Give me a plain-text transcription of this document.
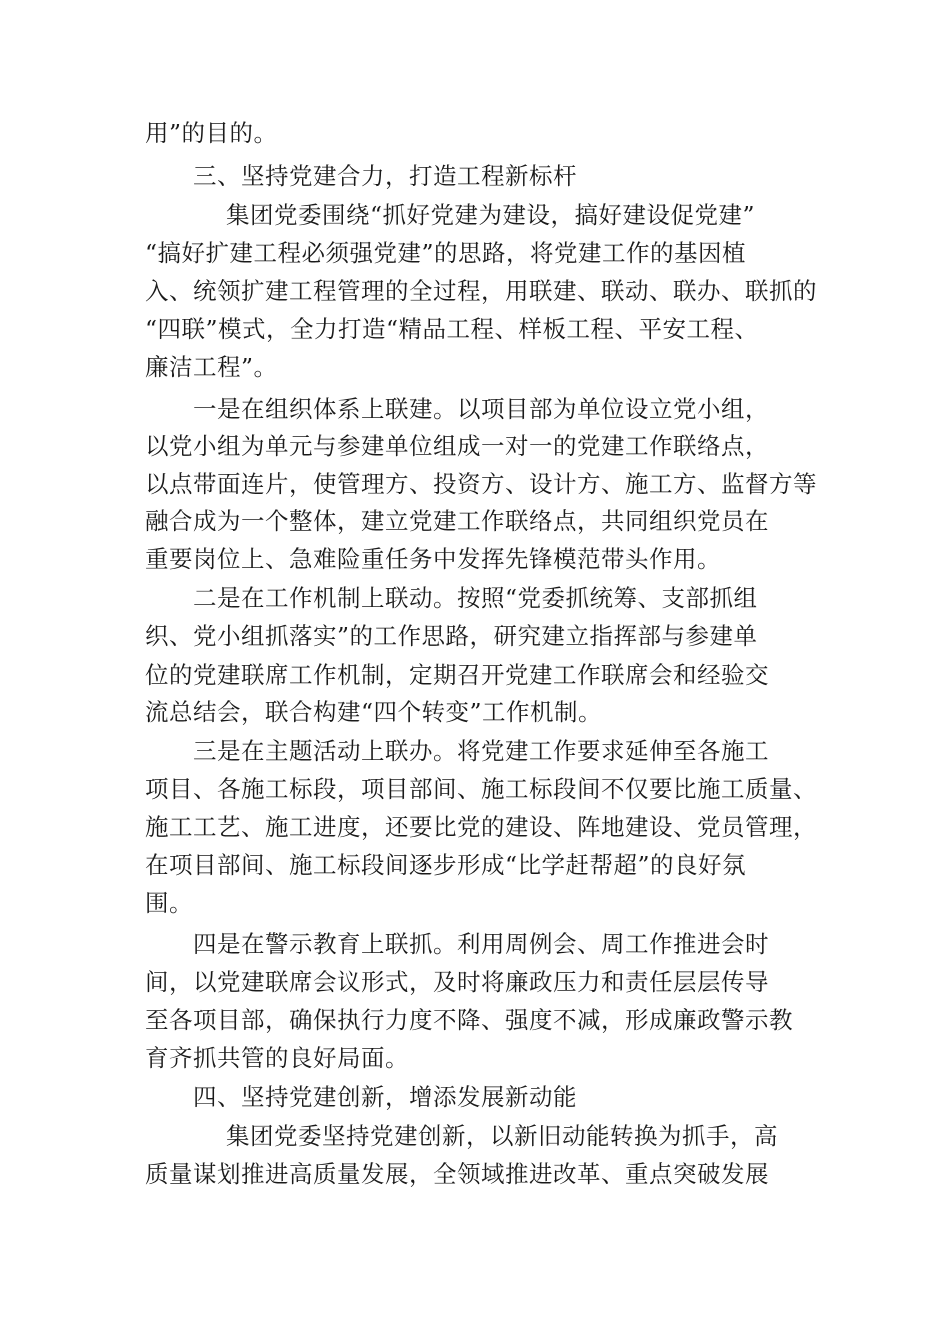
用”的目的。
三、坚持党建合力，打造工程新标杆
集团党委围绕“抓好党建为建设，搞好建设促党建”
“搞好扩建工程必须强党建”的思路，将党建工作的基因植
入、统领扩建工程管理的全过程，用联建、联动、联办、联抓的
“四联”模式，全力打造“精品工程、样板工程、平安工程、
廉洁工程”。
一是在组织体系上联建。以项目部为单位设立党小组，
以党小组为单元与参建单位组成一对一的党建工作联络点，
以点带面连片，使管理方、投资方、设计方、施工方、监督方等
融合成为一个整体，建立党建工作联络点，共同组织党员在
重要岗位上、急难险重任务中发挥先锋模范带头作用。
二是在工作机制上联动。按照“党委抓统筹、支部抓组
织、党小组抓落实”的工作思路，研究建立指挥部与参建单
位的党建联席工作机制，定期召开党建工作联席会和经验交
流总结会，联合构建“四个转变”工作机制。
三是在主题活动上联办。将党建工作要求延伸至各施工
项目、各施工标段，项目部间、施工标段间不仅要比施工质量、
施工工艺、施工进度，还要比党的建设、阵地建设、党员管理，
在项目部间、施工标段间逐步形成“比学赶帮超”的良好氛
围。
四是在警示教育上联抓。利用周例会、周工作推进会时
间，以党建联席会议形式，及时将廉政压力和责任层层传导
至各项目部，确保执行力度不降、强度不减，形成廉政警示教
育齐抓共管的良好局面。
四、坚持党建创新，增添发展新动能
集团党委坚持党建创新，以新旧动能转换为抓手，高
质量谋划推进高质量发展，全领域推进改革、重点突破发展
